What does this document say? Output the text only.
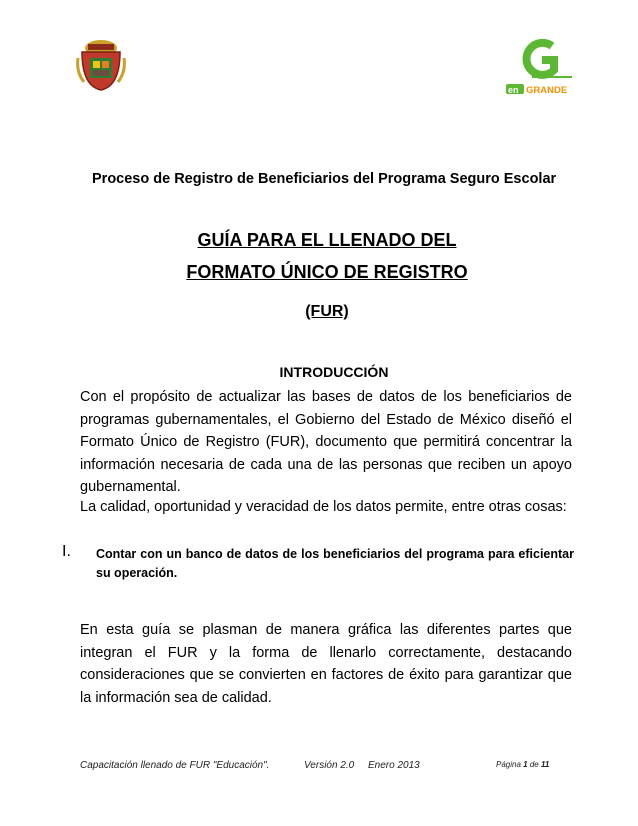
en GRANDE
Proceso de Registro de Beneficiarios del Programa Seguro Escolar
GUÍA PARA EL LLENADO DEL
FORMATO ÚNICO DE REGISTRO
(FUR)
INTRODUCCIÓN

Con el propósito de actualizar las bases de datos de los beneficiarios de programas gubernamentales, el Gobierno del Estado de México diseñó el Formato Único de Registro (FUR), documento que permitirá concentrar la información necesaria de cada una de las personas que reciben un apoyo gubernamental.

La calidad, oportunidad y veracidad de los datos permite, entre otras cosas:

I. Contar con un banco de datos de los beneficiarios del programa para eficientar su operación.

En esta guía se plasman de manera gráfica las diferentes partes que integran el FUR y la forma de llenarlo correctamente, destacando consideraciones que se convierten en factores de éxito para garantizar que la información sea de calidad.

Capacitación llenado de FUR "Educación".	Versión 2.0 Enero 2013	Página 1 de 11
